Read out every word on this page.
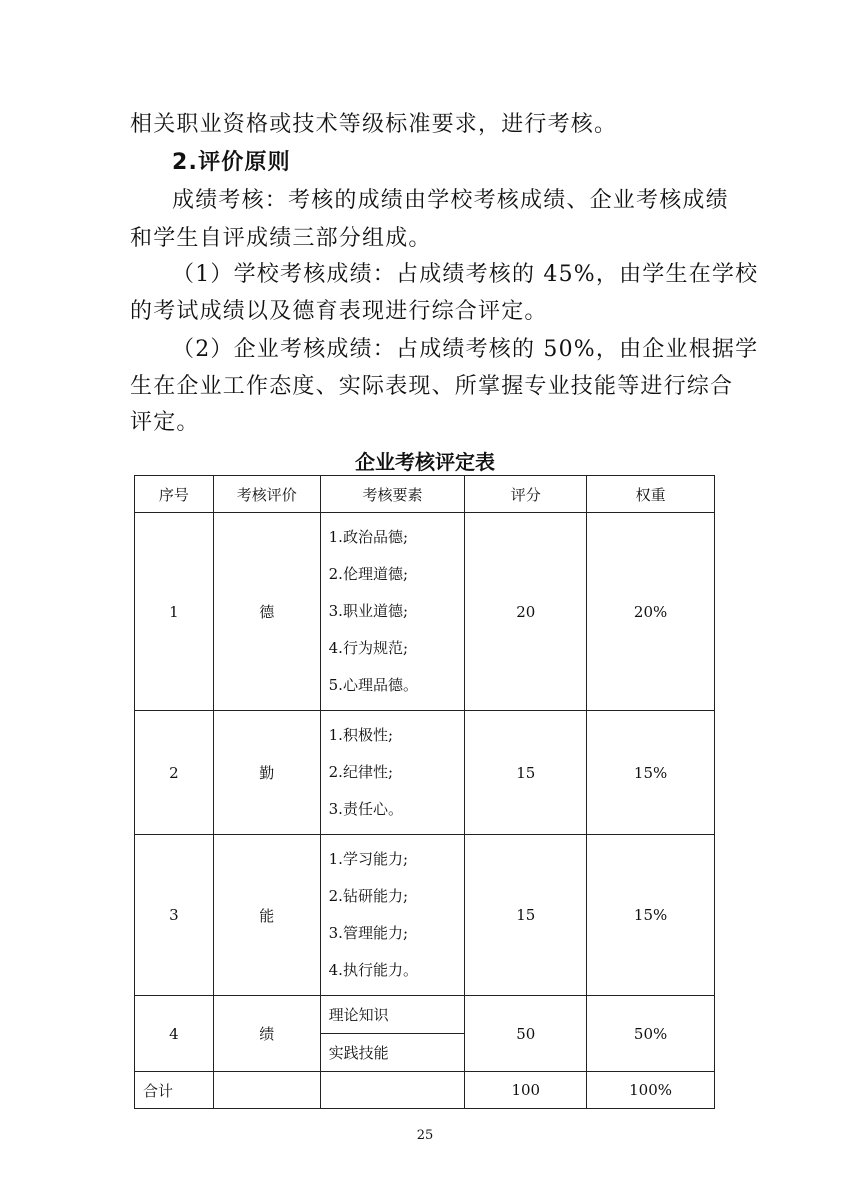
相关职业资格或技术等级标准要求，进行考核。
2.评价原则
成绩考核：考核的成绩由学校考核成绩、企业考核成绩
和学生自评成绩三部分组成。
（1）学校考核成绩：占成绩考核的 45%，由学生在学校
的考试成绩以及德育表现进行综合评定。
（2）企业考核成绩：占成绩考核的 50%，由企业根据学
生在企业工作态度、实际表现、所掌握专业技能等进行综合
评定。
企业考核评定表
序号	考核评价	考核要素	评分	权重
1	德	1.政治品德;
2.伦理道德;
3.职业道德;
4.行为规范;
5.心理品德。	20	20%
2	勤	1.积极性;
2.纪律性;
3.责任心。	15	15%
3	能	1.学习能力;
2.钻研能力;
3.管理能力;
4.执行能力。	15	15%
4	绩	理论知识	50	50%
		实践技能		
合计			100	100%
25
